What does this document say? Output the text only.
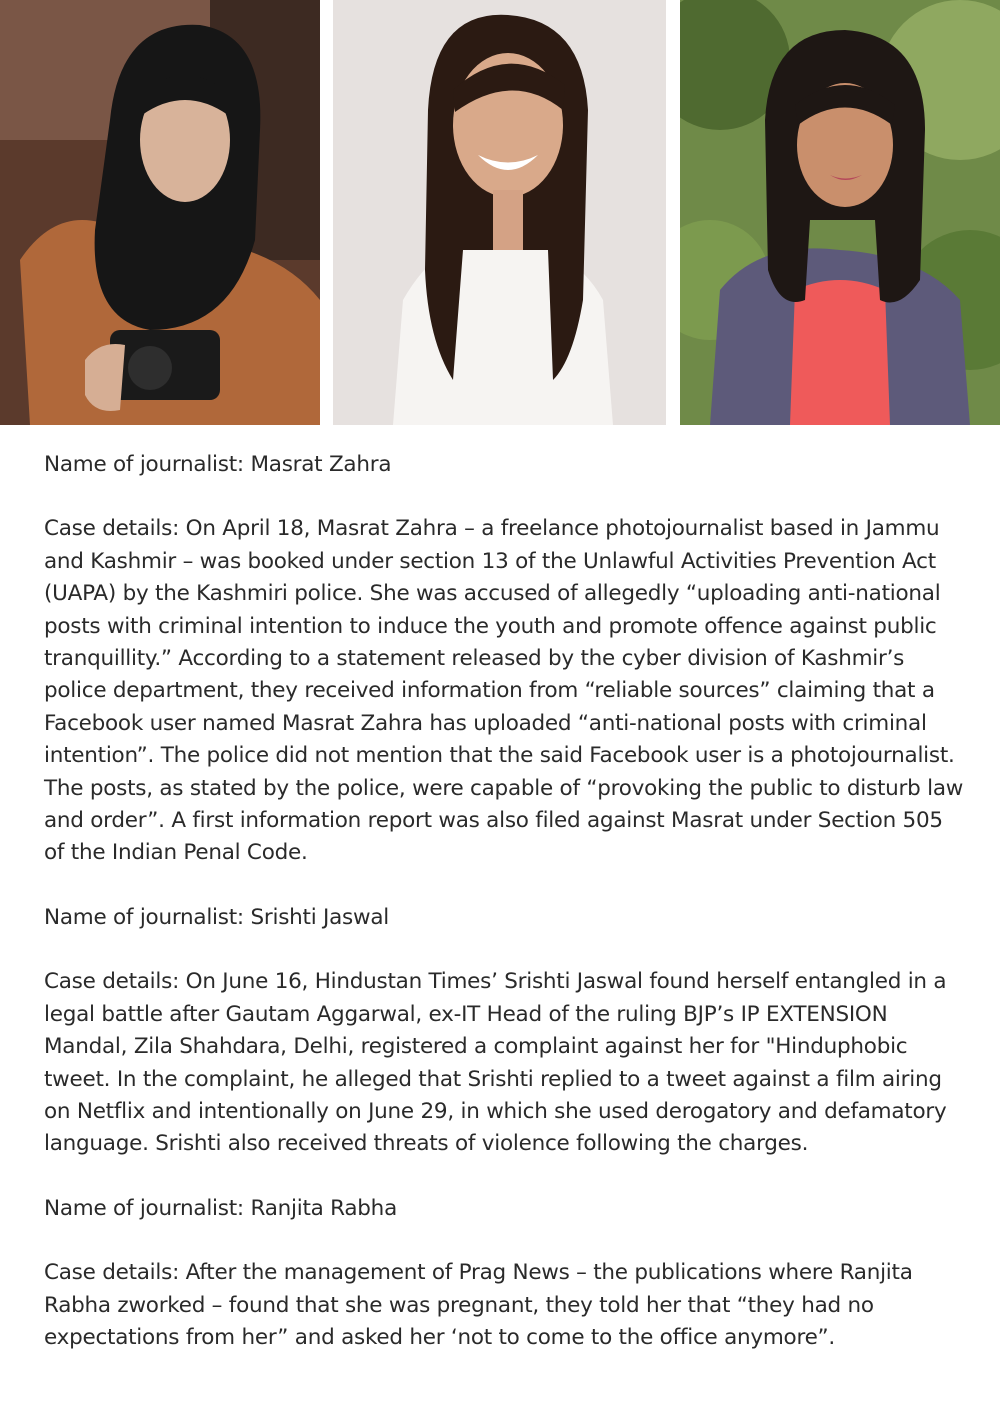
Name of journalist: Masrat Zahra

Case details: On April 18, Masrat Zahra – a freelance photojournalist based in Jammu and Kashmir – was booked under section 13 of the Unlawful Activities Prevention Act (UAPA) by the Kashmiri police. She was accused of allegedly “uploading anti-national posts with criminal intention to induce the youth and promote offence against public tranquillity.” According to a statement released by the cyber division of Kashmir’s police department, they received information from “reliable sources” claiming that a Facebook user named Masrat Zahra has uploaded “anti-national posts with criminal intention”. The police did not mention that the said Facebook user is a photojournalist. The posts, as stated by the police, were capable of “provoking the public to disturb law and order”. A first information report was also filed against Masrat under Section 505 of the Indian Penal Code.

Name of journalist: Srishti Jaswal

Case details: On June 16, Hindustan Times’ Srishti Jaswal found herself entangled in a legal battle after Gautam Aggarwal, ex-IT Head of the ruling BJP’s IP EXTENSION Mandal, Zila Shahdara, Delhi, registered a complaint against her for "Hinduphobic tweet. In the complaint, he alleged that Srishti replied to a tweet against a film airing on Netflix and intentionally on June 29, in which she used derogatory and defamatory language. Srishti also received threats of violence following the charges.

Name of journalist: Ranjita Rabha

Case details: After the management of Prag News – the publications where Ranjita Rabha zworked – found that she was pregnant, they told her that “they had no expectations from her” and asked her ‘not to come to the office anymore”.
